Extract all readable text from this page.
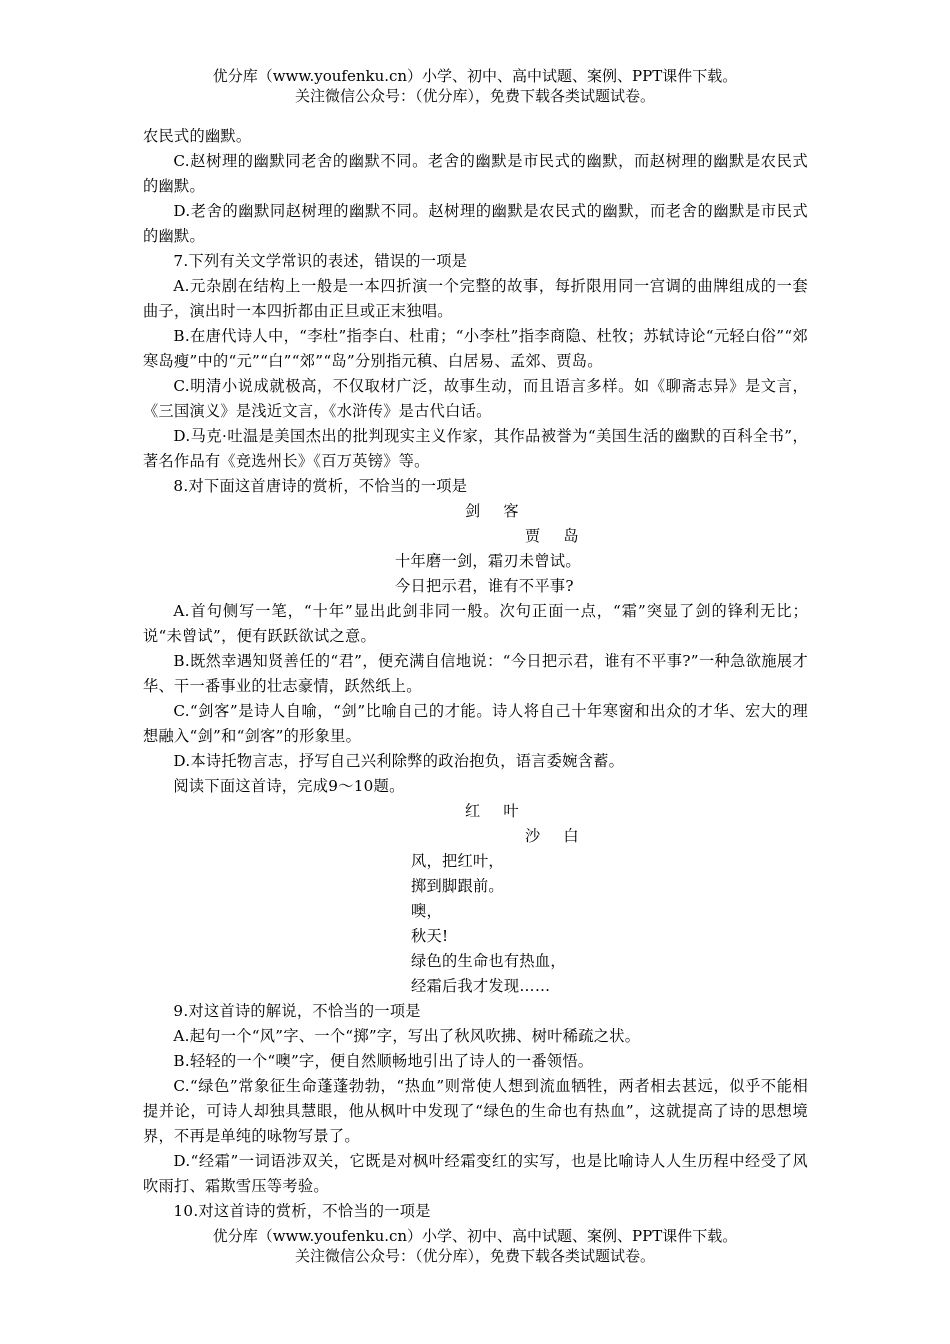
优分库（www.youfenku.cn）小学、初中、高中试题、案例、PPT课件下载。
关注微信公众号：（优分库），免费下载各类试题试卷。

农民式的幽默。

C.赵树理的幽默同老舍的幽默不同。老舍的幽默是市民式的幽默，而赵树理的幽默是农民式的幽默。

D.老舍的幽默同赵树理的幽默不同。赵树理的幽默是农民式的幽默，而老舍的幽默是市民式的幽默。

7.下列有关文学常识的表述，错误的一项是

A.元杂剧在结构上一般是一本四折演一个完整的故事，每折限用同一宫调的曲牌组成的一套曲子，演出时一本四折都由正旦或正末独唱。

B.在唐代诗人中，“李杜”指李白、杜甫；“小李杜”指李商隐、杜牧；苏轼诗论“元轻白俗”“郊寒岛瘦”中的“元”“白”“郊”“岛”分别指元稹、白居易、孟郊、贾岛。

C.明清小说成就极高，不仅取材广泛，故事生动，而且语言多样。如《聊斋志异》是文言，《三国演义》是浅近文言，《水浒传》是古代白话。

D.马克·吐温是美国杰出的批判现实主义作家，其作品被誉为“美国生活的幽默的百科全书”，著名作品有《竞选州长》《百万英镑》等。

8.对下面这首唐诗的赏析，不恰当的一项是

剑　客

贾　岛

十年磨一剑，霜刃未曾试。

今日把示君，谁有不平事?

A.首句侧写一笔，“十年”显出此剑非同一般。次句正面一点，“霜”突显了剑的锋利无比；说“未曾试”，便有跃跃欲试之意。

B.既然幸遇知贤善任的“君”，便充满自信地说：“今日把示君，谁有不平事?”一种急欲施展才华、干一番事业的壮志豪情，跃然纸上。

C.“剑客”是诗人自喻，“剑”比喻自己的才能。诗人将自己十年寒窗和出众的才华、宏大的理想融入“剑”和“剑客”的形象里。

D.本诗托物言志，抒写自己兴利除弊的政治抱负，语言委婉含蓄。

阅读下面这首诗，完成9～10题。

红　叶

沙　白

风，把红叶，

掷到脚跟前。

噢，

秋天!

绿色的生命也有热血，

经霜后我才发现……

9.对这首诗的解说，不恰当的一项是

A.起句一个“风”字、一个“掷”字，写出了秋风吹拂、树叶稀疏之状。

B.轻轻的一个“噢”字，便自然顺畅地引出了诗人的一番领悟。

C.“绿色”常象征生命蓬蓬勃勃，“热血”则常使人想到流血牺牲，两者相去甚远，似乎不能相提并论，可诗人却独具慧眼，他从枫叶中发现了“绿色的生命也有热血”，这就提高了诗的思想境界，不再是单纯的咏物写景了。

D.“经霜”一词语涉双关，它既是对枫叶经霜变红的实写，也是比喻诗人人生历程中经受了风吹雨打、霜欺雪压等考验。

10.对这首诗的赏析，不恰当的一项是

优分库（www.youfenku.cn）小学、初中、高中试题、案例、PPT课件下载。
关注微信公众号：（优分库），免费下载各类试题试卷。
